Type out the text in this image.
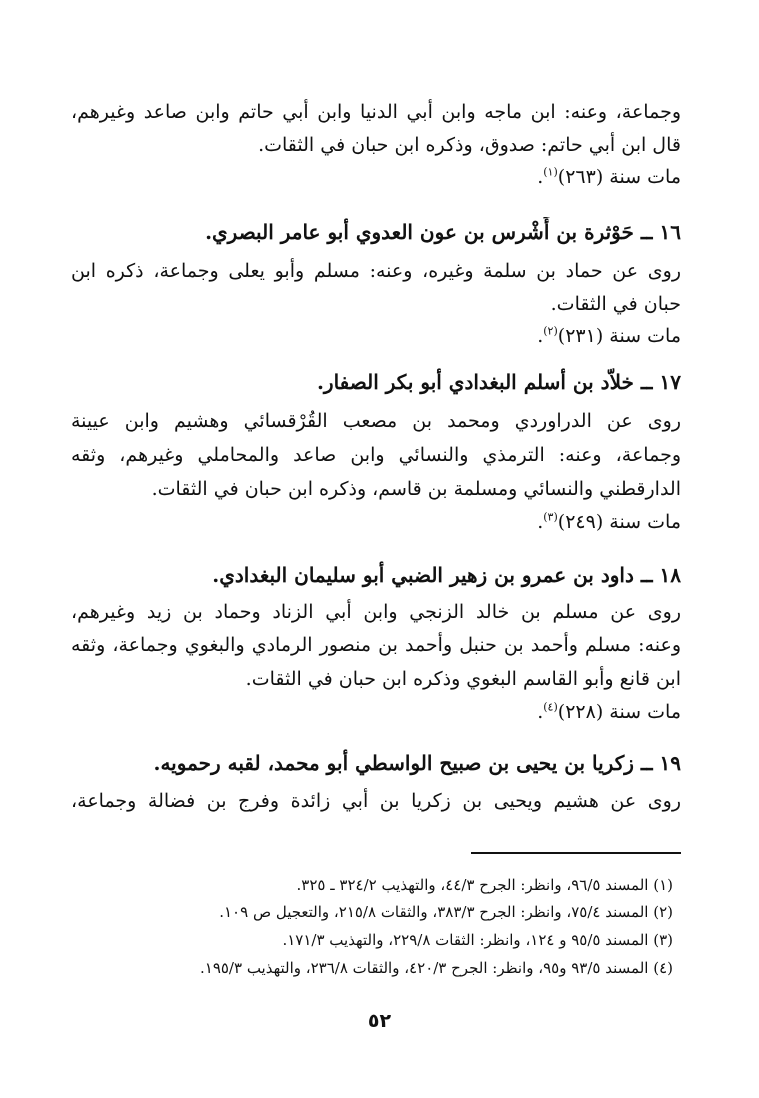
وجماعة، وعنه: ابن ماجه وابن أبي الدنيا وابن أبي حاتم وابن صاعد وغيرهم،
قال ابن أبي حاتم: صدوق، وذكره ابن حبان في الثقات.
مات سنة (٢٦٣)$^{(١)}$.
١٦ ــ حَوْثرة بن أَشْرس بن عون العدوي أبو عامر البصري.
روى عن حماد بن سلمة وغيره، وعنه: مسلم وأبو يعلى وجماعة، ذكره ابن
حبان في الثقات.
مات سنة (٢٣١)$^{(٢)}$.
١٧ ــ خلاّد بن أسلم البغدادي أبو بكر الصفار.
روى عن الدراوردي ومحمد بن مصعب القُرْقسائي وهشيم وابن عيينة
وجماعة، وعنه: الترمذي والنسائي وابن صاعد والمحاملي وغيرهم، وثقه
الدارقطني والنسائي ومسلمة بن قاسم، وذكره ابن حبان في الثقات.
مات سنة (٢٤٩)$^{(٣)}$.
١٨ ــ داود بن عمرو بن زهير الضبي أبو سليمان البغدادي.
روى عن مسلم بن خالد الزنجي وابن أبي الزناد وحماد بن زيد وغيرهم،
وعنه: مسلم وأحمد بن حنبل وأحمد بن منصور الرمادي والبغوي وجماعة، وثقه
ابن قانع وأبو القاسم البغوي وذكره ابن حبان في الثقات.
مات سنة (٢٢٨)$^{(٤)}$.
١٩ ــ زكريا بن يحيى بن صبيح الواسطي أبو محمد، لقبه رحمويه.
روى عن هشيم ويحيى بن زكريا بن أبي زائدة وفرج بن فضالة وجماعة،
(١) المسند ٩٦/٥، وانظر: الجرح ٤٤/٣، والتهذيب ٣٢٤/٢ ـ ٣٢٥.
(٢) المسند ٧٥/٤، وانظر: الجرح ٣٨٣/٣، والثقات ٢١٥/٨، والتعجيل ص ١٠٩.
(٣) المسند ٩٥/٥ و ١٢٤، وانظر: الثقات ٢٢٩/٨، والتهذيب ١٧١/٣.
(٤) المسند ٩٣/٥ و٩٥، وانظر: الجرح ٤٢٠/٣، والثقات ٢٣٦/٨، والتهذيب ١٩٥/٣.
٥٢
